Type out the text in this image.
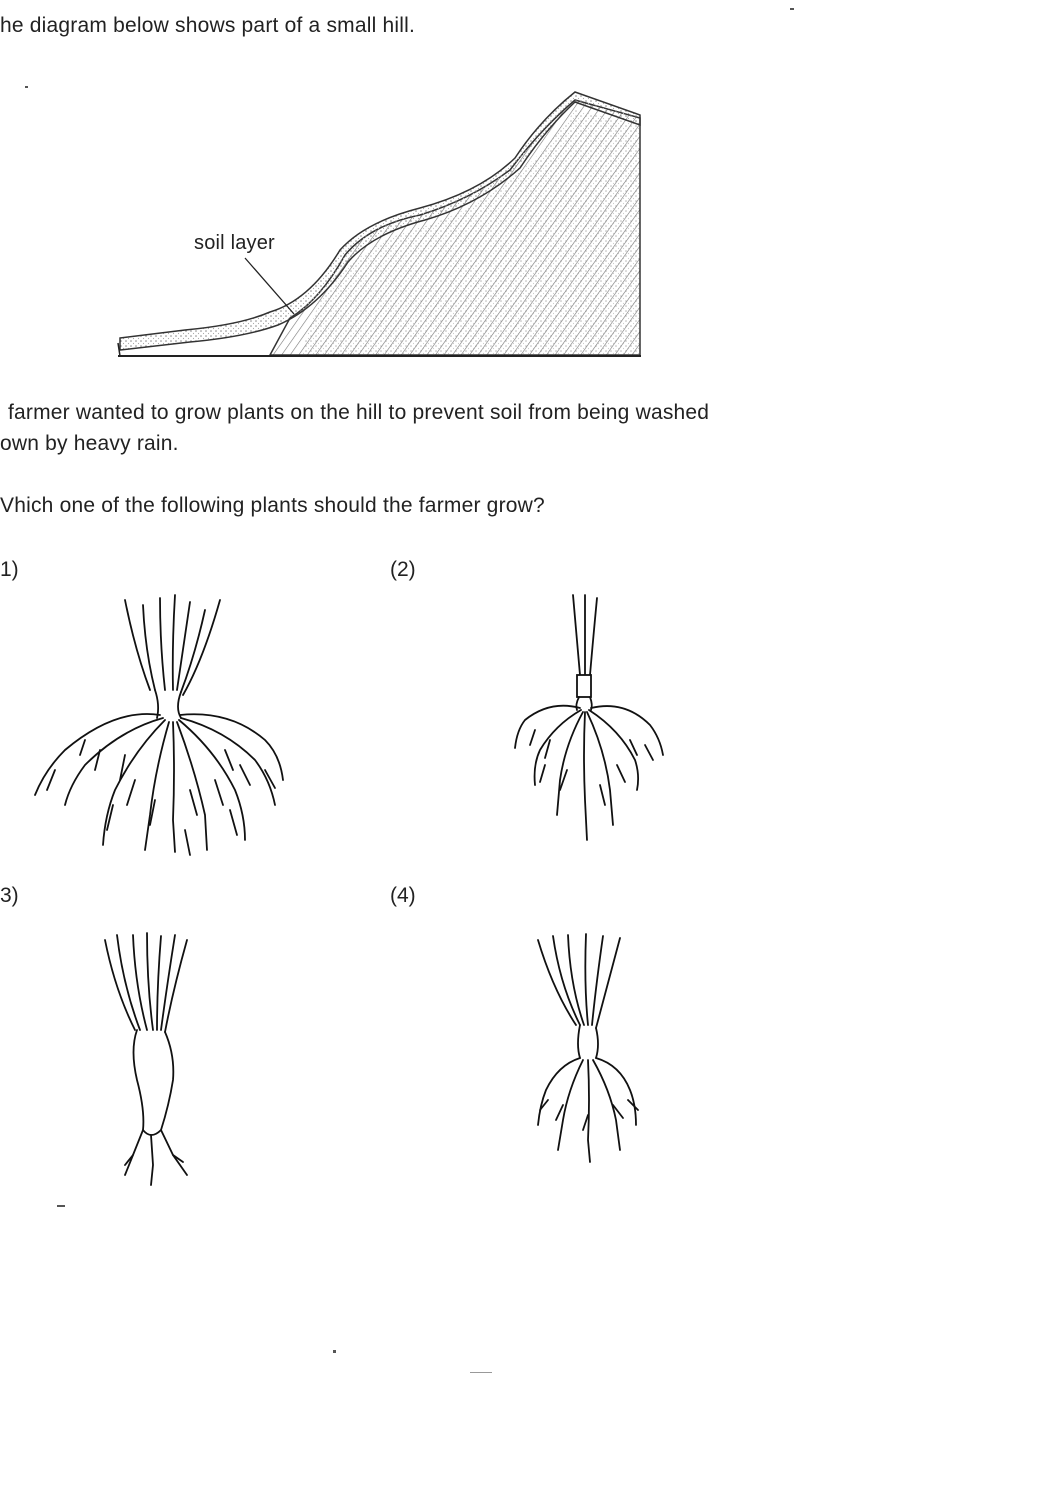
he diagram below shows part of a small hill.
soil layer
farmer wanted to grow plants on the hill to prevent soil from being washed
own by heavy rain.
Vhich one of the following plants should the farmer grow?
1)	(2)
3)	(4)
